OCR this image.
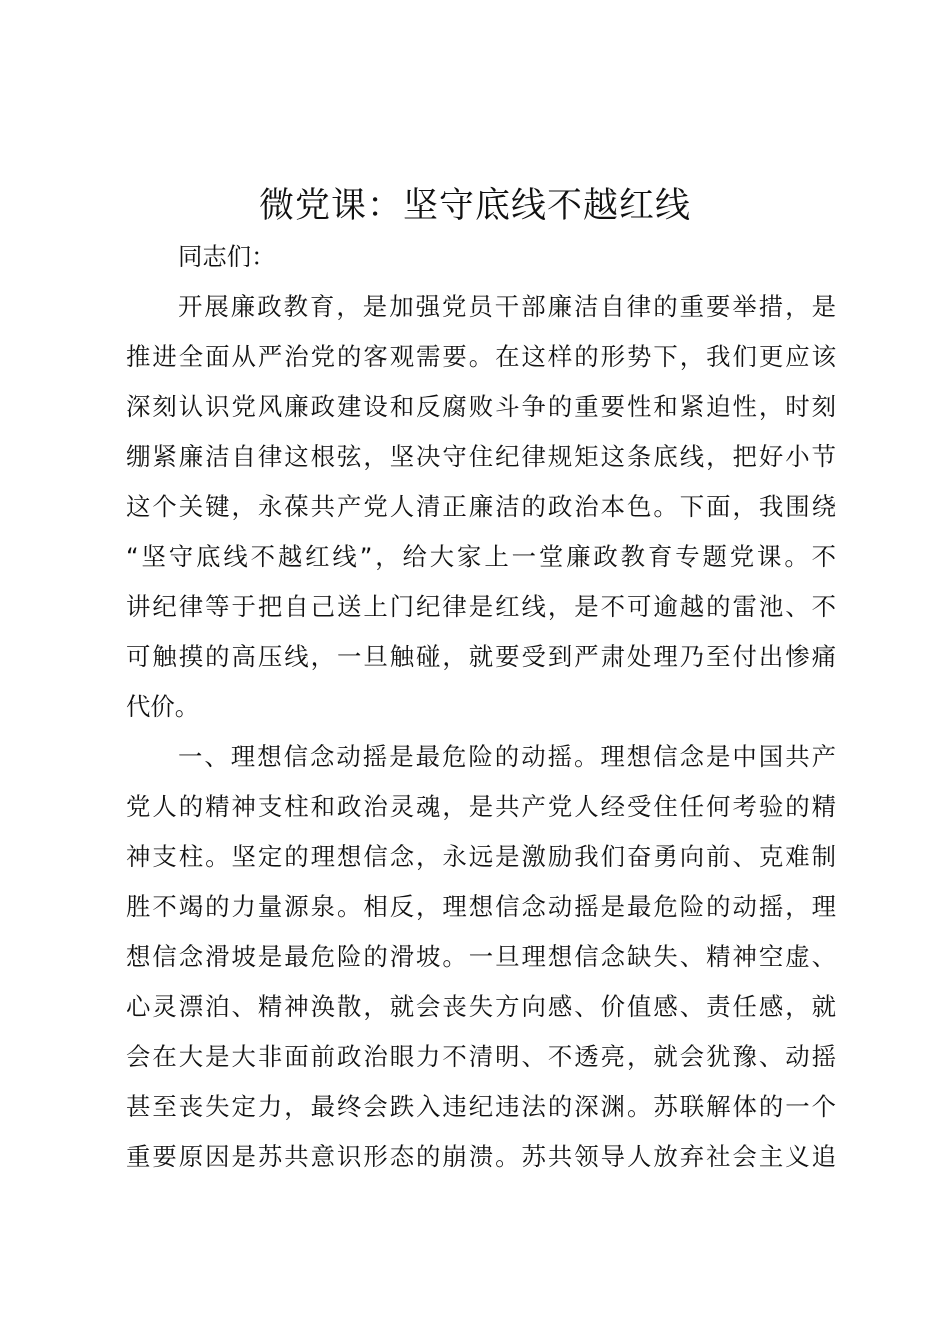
微党课：坚守底线不越红线
同志们：
开展廉政教育，是加强党员干部廉洁自律的重要举措，是
推进全面从严治党的客观需要。在这样的形势下，我们更应该
深刻认识党风廉政建设和反腐败斗争的重要性和紧迫性，时刻
绷紧廉洁自律这根弦，坚决守住纪律规矩这条底线，把好小节
这个关键，永葆共产党人清正廉洁的政治本色。下面，我围绕
“坚守底线不越红线”，给大家上一堂廉政教育专题党课。不
讲纪律等于把自己送上门纪律是红线，是不可逾越的雷池、不
可触摸的高压线，一旦触碰，就要受到严肃处理乃至付出惨痛
代价。
一、理想信念动摇是最危险的动摇。理想信念是中国共产
党人的精神支柱和政治灵魂，是共产党人经受住任何考验的精
神支柱。坚定的理想信念，永远是激励我们奋勇向前、克难制
胜不竭的力量源泉。相反，理想信念动摇是最危险的动摇，理
想信念滑坡是最危险的滑坡。一旦理想信念缺失、精神空虚、
心灵漂泊、精神涣散，就会丧失方向感、价值感、责任感，就
会在大是大非面前政治眼力不清明、不透亮，就会犹豫、动摇
甚至丧失定力，最终会跌入违纪违法的深渊。苏联解体的一个
重要原因是苏共意识形态的崩溃。苏共领导人放弃社会主义追
